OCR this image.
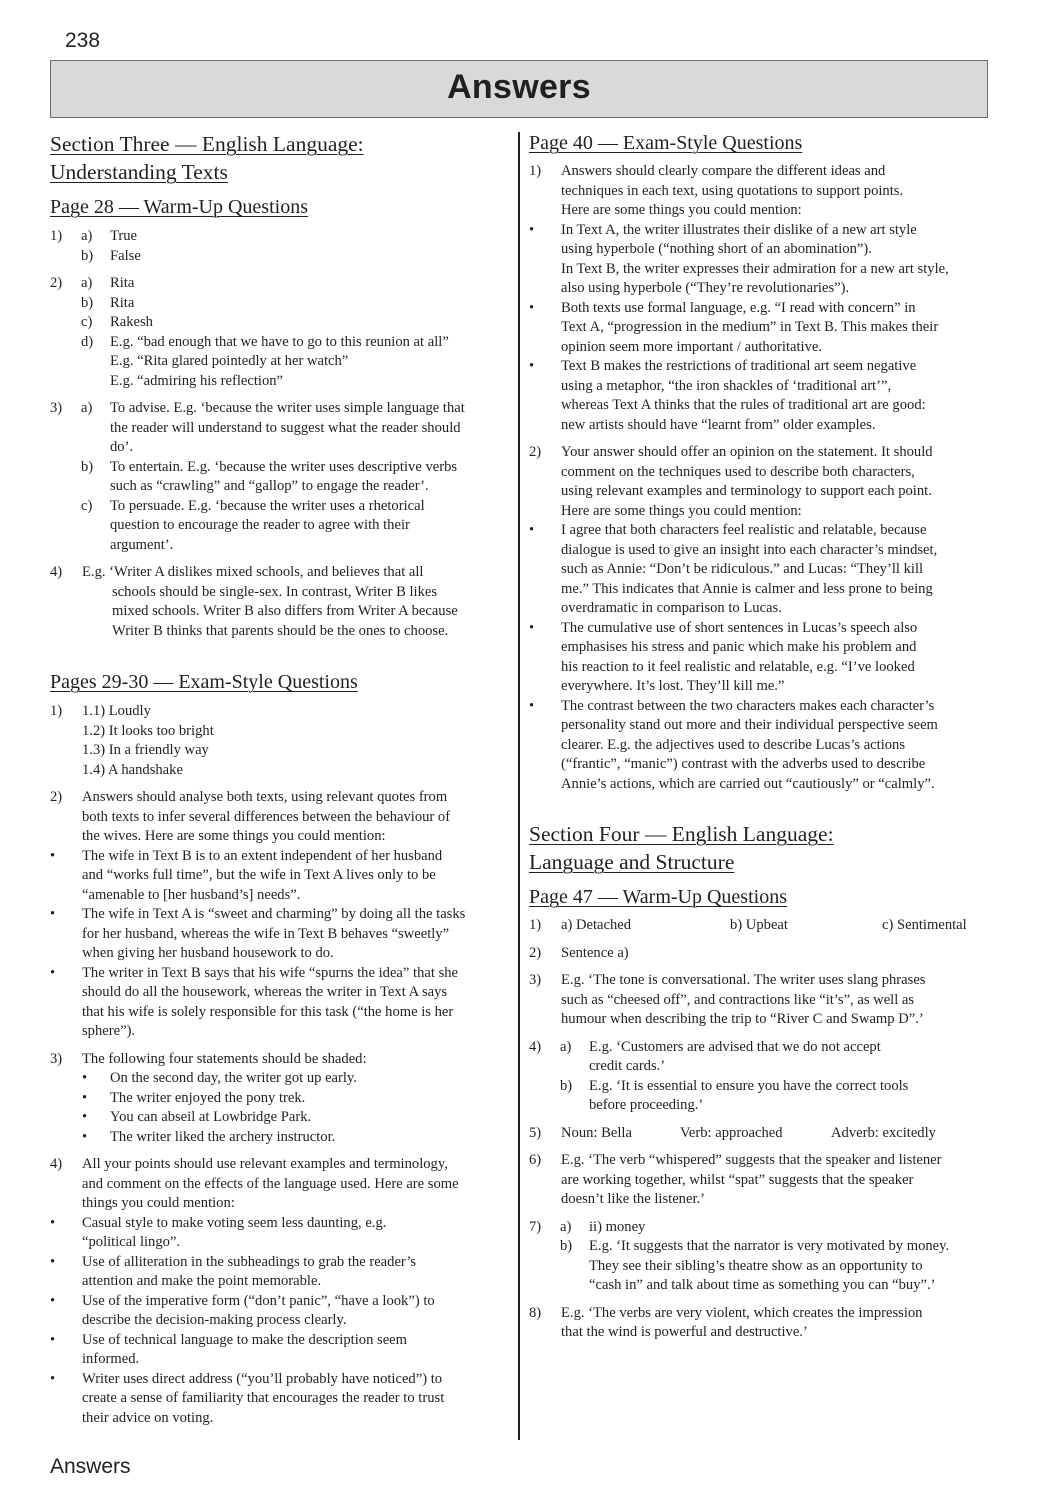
238
Answers
Section Three — English Language:
Understanding Texts
Page 28 — Warm-Up Questions
1) a) True
b) False
2) a) Rita
b) Rita
c) Rakesh
d) E.g. “bad enough that we have to go to this reunion at all”
E.g. “Rita glared pointedly at her watch”
E.g. “admiring his reflection”
3) a) To advise. E.g. ‘because the writer uses simple language that
the reader will understand to suggest what the reader should
do’.
b) To entertain. E.g. ‘because the writer uses descriptive verbs
such as “crawling” and “gallop” to engage the reader’.
c) To persuade. E.g. ‘because the writer uses a rhetorical
question to encourage the reader to agree with their
argument’.
4) E.g. ‘Writer A dislikes mixed schools, and believes that all
schools should be single-sex. In contrast, Writer B likes
mixed schools. Writer B also differs from Writer A because
Writer B thinks that parents should be the ones to choose.
Pages 29-30 — Exam-Style Questions
1) 1.1) Loudly
1.2) It looks too bright
1.3) In a friendly way
1.4) A handshake
2) Answers should analyse both texts, using relevant quotes from
both texts to infer several differences between the behaviour of
the wives. Here are some things you could mention:
• The wife in Text B is to an extent independent of her husband
and “works full time”, but the wife in Text A lives only to be
“amenable to [her husband’s] needs”.
• The wife in Text A is “sweet and charming” by doing all the tasks
for her husband, whereas the wife in Text B behaves “sweetly”
when giving her husband housework to do.
• The writer in Text B says that his wife “spurns the idea” that she
should do all the housework, whereas the writer in Text A says
that his wife is solely responsible for this task (“the home is her
sphere”).
3) The following four statements should be shaded:
• On the second day, the writer got up early.
• The writer enjoyed the pony trek.
• You can abseil at Lowbridge Park.
• The writer liked the archery instructor.
4) All your points should use relevant examples and terminology,
and comment on the effects of the language used. Here are some
things you could mention:
• Casual style to make voting seem less daunting, e.g.
“political lingo”.
• Use of alliteration in the subheadings to grab the reader’s
attention and make the point memorable.
• Use of the imperative form (“don’t panic”, “have a look”) to
describe the decision-making process clearly.
• Use of technical language to make the description seem
informed.
• Writer uses direct address (“you’ll probably have noticed”) to
create a sense of familiarity that encourages the reader to trust
their advice on voting.
Page 40 — Exam-Style Questions
1) Answers should clearly compare the different ideas and
techniques in each text, using quotations to support points.
Here are some things you could mention:
• In Text A, the writer illustrates their dislike of a new art style
using hyperbole (“nothing short of an abomination”).
In Text B, the writer expresses their admiration for a new art style,
also using hyperbole (“They’re revolutionaries”).
• Both texts use formal language, e.g. “I read with concern” in
Text A, “progression in the medium” in Text B. This makes their
opinion seem more important / authoritative.
• Text B makes the restrictions of traditional art seem negative
using a metaphor, “the iron shackles of ‘traditional art’”,
whereas Text A thinks that the rules of traditional art are good:
new artists should have “learnt from” older examples.
2) Your answer should offer an opinion on the statement. It should
comment on the techniques used to describe both characters,
using relevant examples and terminology to support each point.
Here are some things you could mention:
• I agree that both characters feel realistic and relatable, because
dialogue is used to give an insight into each character’s mindset,
such as Annie: “Don’t be ridiculous.” and Lucas: “They’ll kill
me.” This indicates that Annie is calmer and less prone to being
overdramatic in comparison to Lucas.
• The cumulative use of short sentences in Lucas’s speech also
emphasises his stress and panic which make his problem and
his reaction to it feel realistic and relatable, e.g. “I’ve looked
everywhere. It’s lost. They’ll kill me.”
• The contrast between the two characters makes each character’s
personality stand out more and their individual perspective seem
clearer. E.g. the adjectives used to describe Lucas’s actions
(“frantic”, “manic”) contrast with the adverbs used to describe
Annie’s actions, which are carried out “cautiously” or “calmly”.
Section Four — English Language:
Language and Structure
Page 47 — Warm-Up Questions
1) a) Detached	b) Upbeat	c) Sentimental
2) Sentence a)
3) E.g. ‘The tone is conversational. The writer uses slang phrases
such as “cheesed off”, and contractions like “it’s”, as well as
humour when describing the trip to “River C and Swamp D”.’
4) a) E.g. ‘Customers are advised that we do not accept
credit cards.’
b) E.g. ‘It is essential to ensure you have the correct tools
before proceeding.’
5) Noun: Bella	Verb: approached	Adverb: excitedly
6) E.g. ‘The verb “whispered” suggests that the speaker and listener
are working together, whilst “spat” suggests that the speaker
doesn’t like the listener.’
7) a) ii) money
b) E.g. ‘It suggests that the narrator is very motivated by money.
They see their sibling’s theatre show as an opportunity to
“cash in” and talk about time as something you can “buy”.’
8) E.g. ‘The verbs are very violent, which creates the impression
that the wind is powerful and destructive.’
Answers
